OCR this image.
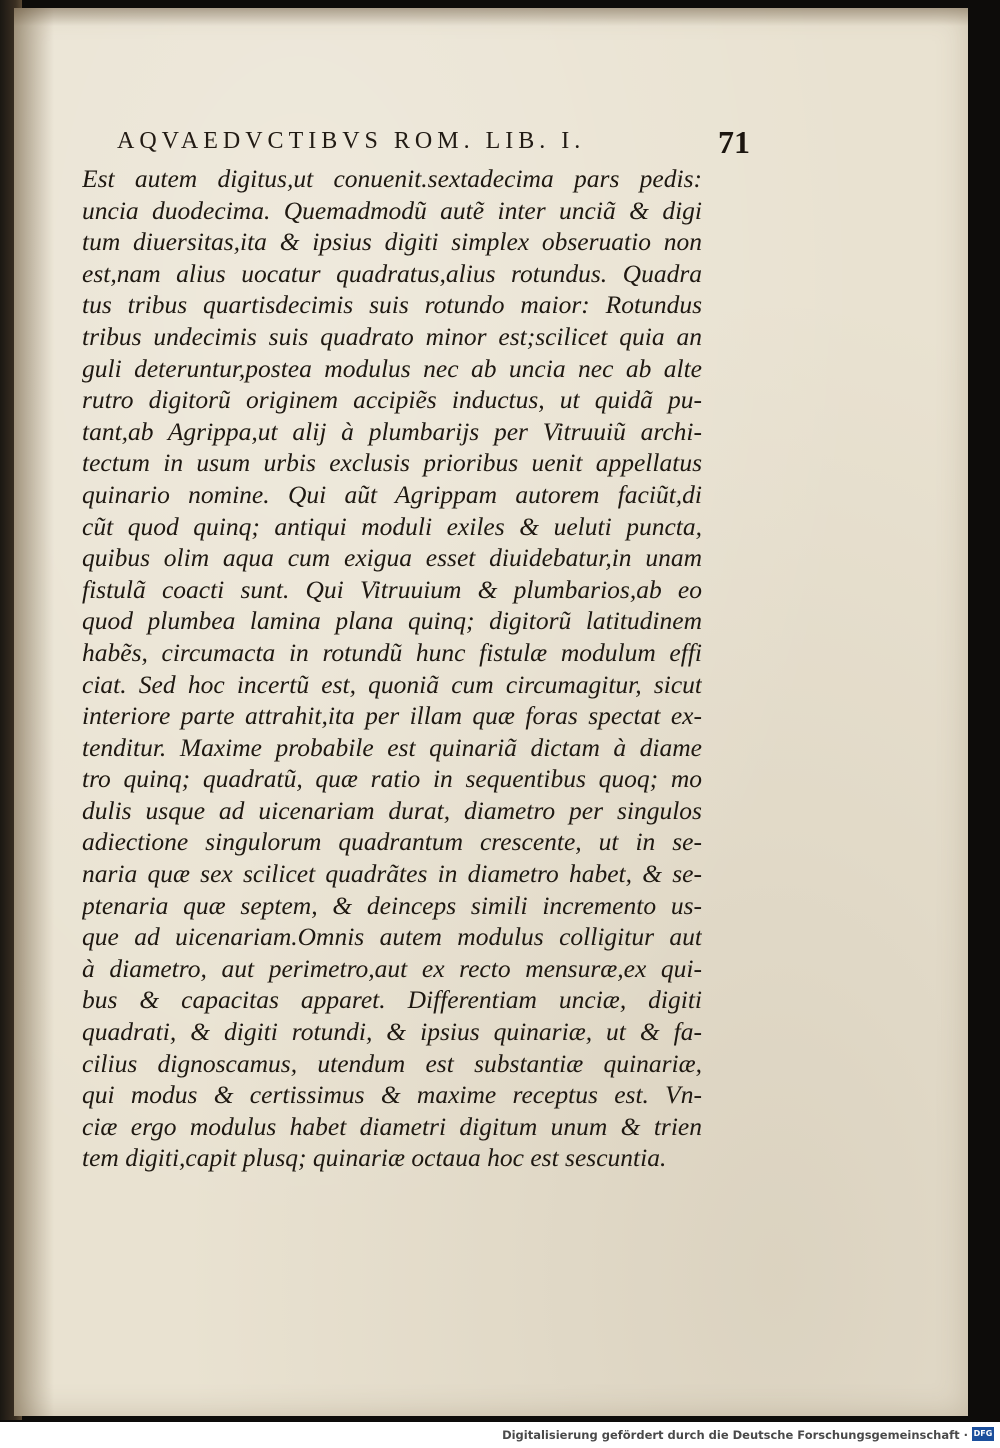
AQVAEDVCTIBVS ROM. LIB. I.	71
Est autem digitus,ut conuenit.sextadecima pars pedis:
uncia duodecima. Quemadmodũ autẽ inter unciã & digi
tum diuersitas,ita & ipsius digiti simplex obseruatio non
est,nam alius uocatur quadratus,alius rotundus. Quadra
tus tribus quartisdecimis suis rotundo maior: Rotundus
tribus undecimis suis quadrato minor est;scilicet quia an
guli deteruntur,postea modulus nec ab uncia nec ab alte
rutro digitorũ originem accipiẽs inductus, ut quidã pu-
tant,ab Agrippa,ut alij à plumbarijs per Vitruuiũ archi-
tectum in usum urbis exclusis prioribus uenit appellatus
quinario nomine. Qui aũt Agrippam autorem faciũt,di
cũt quod quinq; antiqui moduli exiles & ueluti puncta,
quibus olim aqua cum exigua esset diuidebatur,in unam
fistulã coacti sunt. Qui Vitruuium & plumbarios,ab eo
quod plumbea lamina plana quinq; digitorũ latitudinem
habẽs, circumacta in rotundũ hunc fistulæ modulum effi
ciat. Sed hoc incertũ est, quoniã cum circumagitur, sicut
interiore parte attrahit,ita per illam quæ foras spectat ex-
tenditur. Maxime probabile est quinariã dictam à diame
tro quinq; quadratũ, quæ ratio in sequentibus quoq; mo
dulis usque ad uicenariam durat, diametro per singulos
adiectione singulorum quadrantum crescente, ut in se-
naria quæ sex scilicet quadrãtes in diametro habet, & se-
ptenaria quæ septem, & deinceps simili incremento us-
que ad uicenariam.Omnis autem modulus colligitur aut
à diametro, aut perimetro,aut ex recto mensuræ,ex qui-
bus & capacitas apparet. Differentiam unciæ, digiti
quadrati, & digiti rotundi, & ipsius quinariæ, ut & fa-
cilius dignoscamus, utendum est substantiæ quinariæ,
qui modus & certissimus & maxime receptus est. Vn-
ciæ ergo modulus habet diametri digitum unum & trien
tem digiti,capit plusq; quinariæ octaua hoc est sescuntia.
Digitalisierung gefördert durch die Deutsche Forschungsgemeinschaft · DFG
